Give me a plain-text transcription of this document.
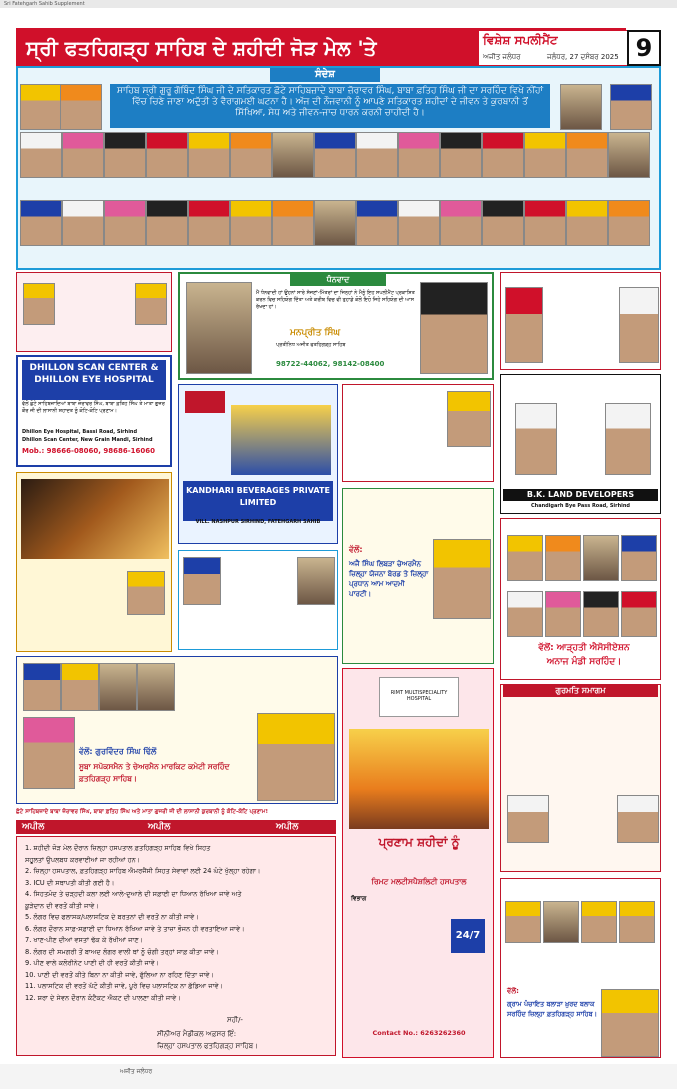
Sri Fatehgarh Sahib Supplement
ਸ੍ਰੀ ਫਤਹਿਗੜ੍ਹ ਸਾਹਿਬ ਦੇ ਸ਼ਹੀਦੀ ਜੋੜ ਮੇਲ 'ਤੇ	ਵਿਸ਼ੇਸ਼ ਸਪਲੀਮੈਂਟ
ਅਜੀਤ ਜਲੰਧਰ	ਜਲੰਧਰ, 27 ਦਸੰਬਰ 2025 9
ਸੰਦੇਸ਼
ਸਾਹਿਬ ਸ੍ਰੀ ਗੁਰੂ ਗੋਬਿੰਦ ਸਿੰਘ ਜੀ ਦੇ ਸਤਿਕਾਰਤ ਛੋਟੇ ਸਾਹਿਬਜ਼ਾਦੇ ਬਾਬਾ ਜ਼ੋਰਾਵਰ ਸਿੰਘ, ਬਾਬਾ ਫ਼ਤਿਹ ਸਿੰਘ ਜੀ ਦਾ ਸਰਹਿੰਦ ਵਿਖੇ ਨੀਂਹਾਂ ਵਿੱਚ ਚਿਣੇ ਜਾਣਾ ਅਦੁੱਤੀ ਤੇ ਵੈਰਾਗਮਈ ਘਟਨਾ ਹੈ। ਅੱਜ ਦੀ ਨੌਜਵਾਨੀ ਨੂੰ ਆਪਣੇ ਸਤਿਕਾਰਤ ਸ਼ਹੀਦਾਂ ਦੇ ਜੀਵਨ ਤੇ ਕੁਰਬਾਨੀ ਤੋਂ ਸਿੱਖਿਆ, ਸੇਧ ਅਤੇ ਜੀਵਨ-ਜਾਚ ਧਾਰਨ ਕਰਨੀ ਚਾਹੀਦੀ ਹੈ।
DHILLON SCAN CENTER & DHILLON EYE HOSPITAL
ਵੱਲੋਂ ਛੋਟੇ ਸਾਹਿਬਜ਼ਾਦਿਆਂ ਬਾਬਾ ਜ਼ੋਰਾਵਰ ਸਿੰਘ, ਬਾਬਾ ਫ਼ਤਿਹ ਸਿੰਘ ਤੇ ਮਾਤਾ ਗੁਜਰ ਕੌਰ ਜੀ ਦੀ ਲਾਸਾਨੀ ਸ਼ਹਾਦਤ ਨੂੰ ਕੋਟਿ-ਕੋਟਿ ਪ੍ਰਣਾਮ।
Dhillon Eye Hospital, Bassi Road, Sirhind
Dhillon Scan Center, New Grain Mandi, Sirhind
Mob.: 98666-08060, 98686-16060
ਧੰਨਵਾਦ
ਮੈਂ ਧੰਨਵਾਦੀ ਹਾਂ ਉਹਨਾਂ ਸਾਰੇ ਸੱਜਣਾਂ-ਮਿੱਤਰਾਂ ਦਾ ਜਿਨ੍ਹਾਂ ਨੇ ਮੈਨੂੰ ਇਹ ਸਪਲੀਮੈਂਟ ਪ੍ਰਕਾਸ਼ਿਤ ਕਰਨ ਵਿਚ ਸਹਿਯੋਗ ਦਿੱਤਾ ਅਤੇ ਕਰੀਬ ਵਿਚ ਵੀ ਤੁਹਾਡੇ ਕੋਲੋਂ ਇਹੋ ਜਿਹੇ ਸਹਿਯੋਗ ਦੀ ਆਸ ਰੱਖਦਾ ਹਾਂ।
ਮਨਪ੍ਰੀਤ ਸਿੰਘ
ਪ੍ਰਤੀਨਿਧ ਅਜੀਤ ਫਤਹਿਗੜ੍ਹ ਸਾਹਿਬ
98722-44062, 98142-08400
KANDHARI BEVERAGES PRIVATE LIMITED
VILL. NASHPUR SIRHIND, FATEHGARH SAHIB
ਵੱਲੋਂ:
ਅਜੈ ਸਿੰਘ ਲਿਬੜਾ ਚੇਅਰਮੈਨ ਜ਼ਿਲ੍ਹਾ ਯੋਜਨਾ ਬੋਰਡ ਤੇ ਜ਼ਿਲ੍ਹਾ ਪ੍ਰਧਾਨ ਆਮ ਆਦਮੀ ਪਾਰਟੀ।
B.K. LAND DEVELOPERS
Chandigarh Bye Pass Road, Sirhind
ਵੱਲੋਂ: ਆੜ੍ਹਤੀ ਐਸੋਸੀਏਸ਼ਨ
ਅਨਾਜ ਮੰਡੀ ਸਰਹਿੰਦ।
ਗੁਰਮਤਿ ਸਮਾਗਮ
ਵੱਲੋਂ:
ਗ੍ਰਾਮ ਪੰਚਾਇਤ ਬਲਾੜਾ ਖ਼ੁਰਦ ਬਲਾਕ ਸਰਹਿੰਦ ਜ਼ਿਲ੍ਹਾ ਫ਼ਤਹਿਗੜ੍ਹ ਸਾਹਿਬ।
ਵੱਲੋਂ: ਗੁਰਵਿੰਦਰ ਸਿੰਘ ਢਿੱਲੋਂ
ਸੂਬਾ ਸਪੋਕਸਮੈਨ ਤੇ ਚੇਅਰਮੈਨ ਮਾਰਕਿਟ ਕਮੇਟੀ ਸਰਹਿੰਦ ਫ਼ਤਹਿਗੜ੍ਹ ਸਾਹਿਬ।
ਛੋਟੇ ਸਾਹਿਬਜ਼ਾਦੇ ਬਾਬਾ ਜ਼ੋਰਾਵਰ ਸਿੰਘ, ਬਾਬਾ ਫ਼ਤਿਹ ਸਿੰਘ ਅਤੇ ਮਾਤਾ ਗੁਜਰੀ ਜੀ ਦੀ ਲਾਸਾਨੀ ਕੁਰਬਾਨੀ ਨੂੰ ਕੋਟਿ-ਕੋਟਿ ਪ੍ਰਣਾਮ!
ਅਪੀਲ	ਅਪੀਲ	ਅਪੀਲ
1. ਸ਼ਹੀਦੀ ਜੋੜ ਮੇਲ ਦੌਰਾਨ ਜ਼ਿਲ੍ਹਾ ਹਸਪਤਾਲ ਫ਼ਤਹਿਗੜ੍ਹ ਸਾਹਿਬ ਵਿਖੇ ਸਿਹਤ
ਸਹੂਲਤਾਂ ਉਪਲਬਧ ਕਰਵਾਈਆਂ ਜਾ ਰਹੀਆਂ ਹਨ।
2. ਜ਼ਿਲ੍ਹਾ ਹਸਪਤਾਲ, ਫ਼ਤਹਿਗੜ੍ਹ ਸਾਹਿਬ ਐਮਰਜੈਂਸੀ ਸਿਹਤ ਸੇਵਾਵਾਂ ਲਈ 24 ਘੰਟੇ ਖੁੱਲ੍ਹਾ ਰਹੇਗਾ।
3. ICU ਦੀ ਸਥਾਪਤੀ ਕੀਤੀ ਗਈ ਹੈ।
4. ਸਿਹਤਮੰਦ ਤੇ ਚੜ੍ਹਦੀ ਕਲਾ ਲਈ ਆਲੇ-ਦੁਆਲੇ ਦੀ ਸਫ਼ਾਈ ਦਾ ਧਿਆਨ ਰੱਖਿਆ ਜਾਵੇ ਅਤੇ
ਕੂੜੇਦਾਨ ਦੀ ਵਰਤੋਂ ਕੀਤੀ ਜਾਵੇ।
5. ਲੰਗਰ ਵਿਚ ਫਲਾਸਕ/ਪਲਾਸਟਿਕ ਦੇ ਬਰਤਨਾਂ ਦੀ ਵਰਤੋਂ ਨਾ ਕੀਤੀ ਜਾਵੇ।
6. ਲੰਗਰ ਦੌਰਾਨ ਸਾਫ਼-ਸਫ਼ਾਈ ਦਾ ਧਿਆਨ ਰੱਖਿਆ ਜਾਵੇ ਤੇ ਤਾਜ਼ਾ ਭੋਜਨ ਹੀ ਵਰਤਾਇਆ ਜਾਵੇ।
7. ਖਾਣ-ਪੀਣ ਦੀਆਂ ਵਸਤਾਂ ਢੱਕ ਕੇ ਰੱਖੀਆਂ ਜਾਣ।
8. ਲੰਗਰ ਦੀ ਸਮਗਰੀ ਤੋਂ ਬਾਅਦ ਲੰਗਰ ਵਾਲੀ ਥਾਂ ਨੂੰ ਚੰਗੀ ਤਰ੍ਹਾਂ ਸਾਫ਼ ਕੀਤਾ ਜਾਵੇ।
9. ਪੀਣ ਵਾਲੇ ਕਲੋਰੀਨੇਟ ਪਾਣੀ ਦੀ ਹੀ ਵਰਤੋਂ ਕੀਤੀ ਜਾਵੇ।
10. ਪਾਣੀ ਦੀ ਵਰਤੋਂ ਕੀਤੇ ਬਿਨਾ ਨਾ ਕੀਤੀ ਜਾਵੇ, ਫੁੱਲਿਆ ਨਾ ਰਹਿਣ ਦਿੱਤਾ ਜਾਵੇ।
11. ਪਲਾਸਟਿਕ ਦੀ ਵਰਤੋਂ ਘੱਟੋ ਕੀਤੀ ਜਾਵੇ, ਪੂਰੇ ਵਿਚ ਪਲਾਸਟਿਕ ਨਾ ਛੱਡਿਆ ਜਾਵੇ।
12. ਸ਼ਰਾ ਦੇ ਸੇਵਨ ਦੌਰਾਨ ਕੰਟੈਕਟ ਐਕਟ ਦੀ ਪਾਲਣਾ ਕੀਤੀ ਜਾਵੇ।
ਸਹੀ/-
ਸੀਨੀਅਰ ਮੈਡੀਕਲ ਅਫ਼ਸਰ ਇੰ:
ਜ਼ਿਲ੍ਹਾ ਹਸਪਤਾਲ ਫਤਹਿਗੜ੍ਹ ਸਾਹਿਬ।
RIMT MULTISPECIALITY HOSPITAL
ਪ੍ਰਣਾਮ ਸ਼ਹੀਦਾਂ ਨੂੰ
ਰਿਮਟ ਮਲਟੀਸਪੈਸ਼ਲਿਟੀ ਹਸਪਤਾਲ
ਵਿਭਾਗ
24/7
Contact No.: 6263262360
ਅਜੀਤ ਜਲੰਧਰ
